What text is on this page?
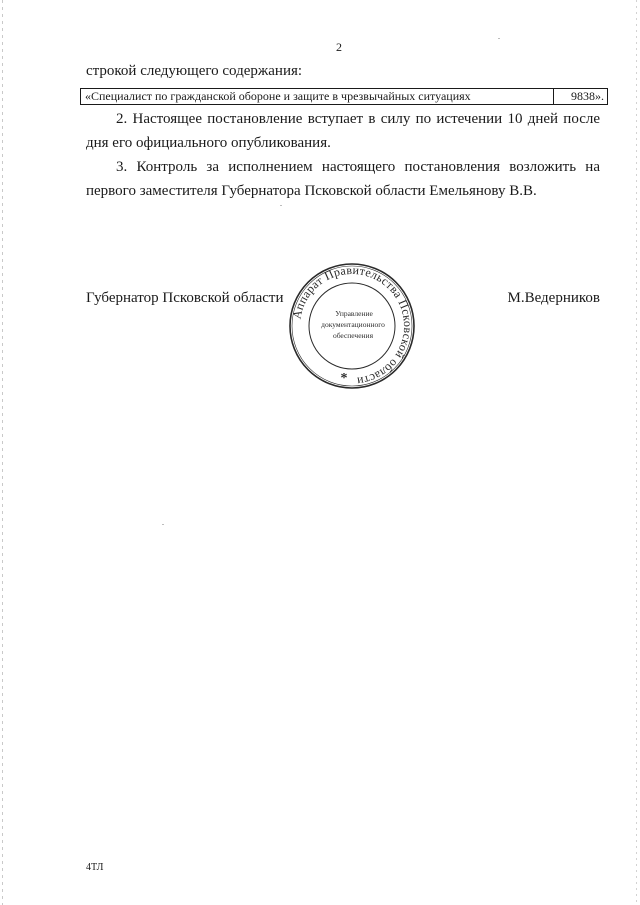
2
строкой следующего содержания:
«Специалист по гражданской обороне и защите в чрезвычайных ситуациях	9838».
2. Настоящее постановление вступает в силу по истечении 10 дней после дня его официального опубликования.
3. Контроль за исполнением настоящего постановления возложить на первого заместителя Губернатора Псковской области Емельянову В.В.
Губернатор Псковской области	М.Ведерников
Аппарат Правительства Псковской области
Управление
документационного
обеспечения
*
4ТЛ
